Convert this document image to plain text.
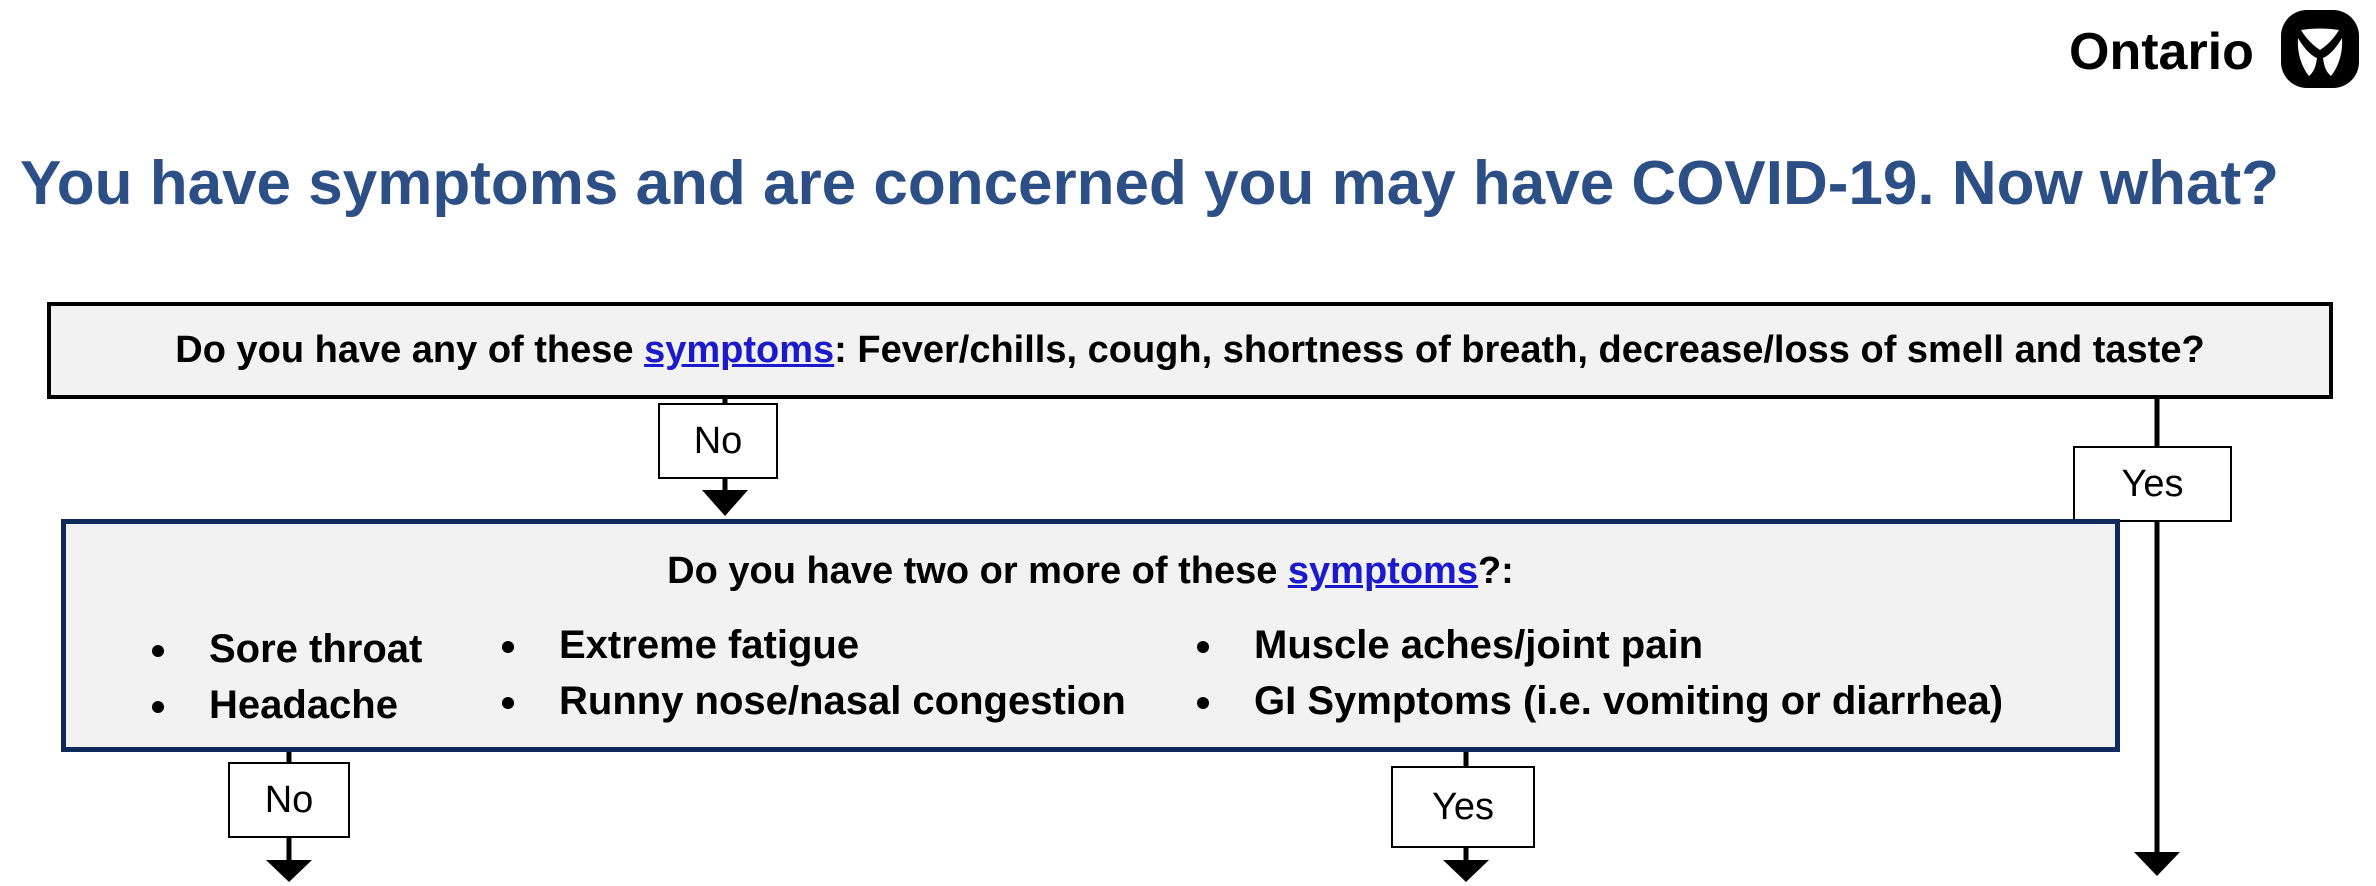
Ontario
You have symptoms and are concerned you may have COVID-19. Now what?
Do you have any of these symptoms: Fever/chills, cough, shortness of breath, decrease/loss of smell and taste?
No
Yes
Do you have two or more of these symptoms?:
Sore throat
Headache
Extreme fatigue
Runny nose/nasal congestion
Muscle aches/joint pain
GI Symptoms (i.e. vomiting or diarrhea)
No	Yes
